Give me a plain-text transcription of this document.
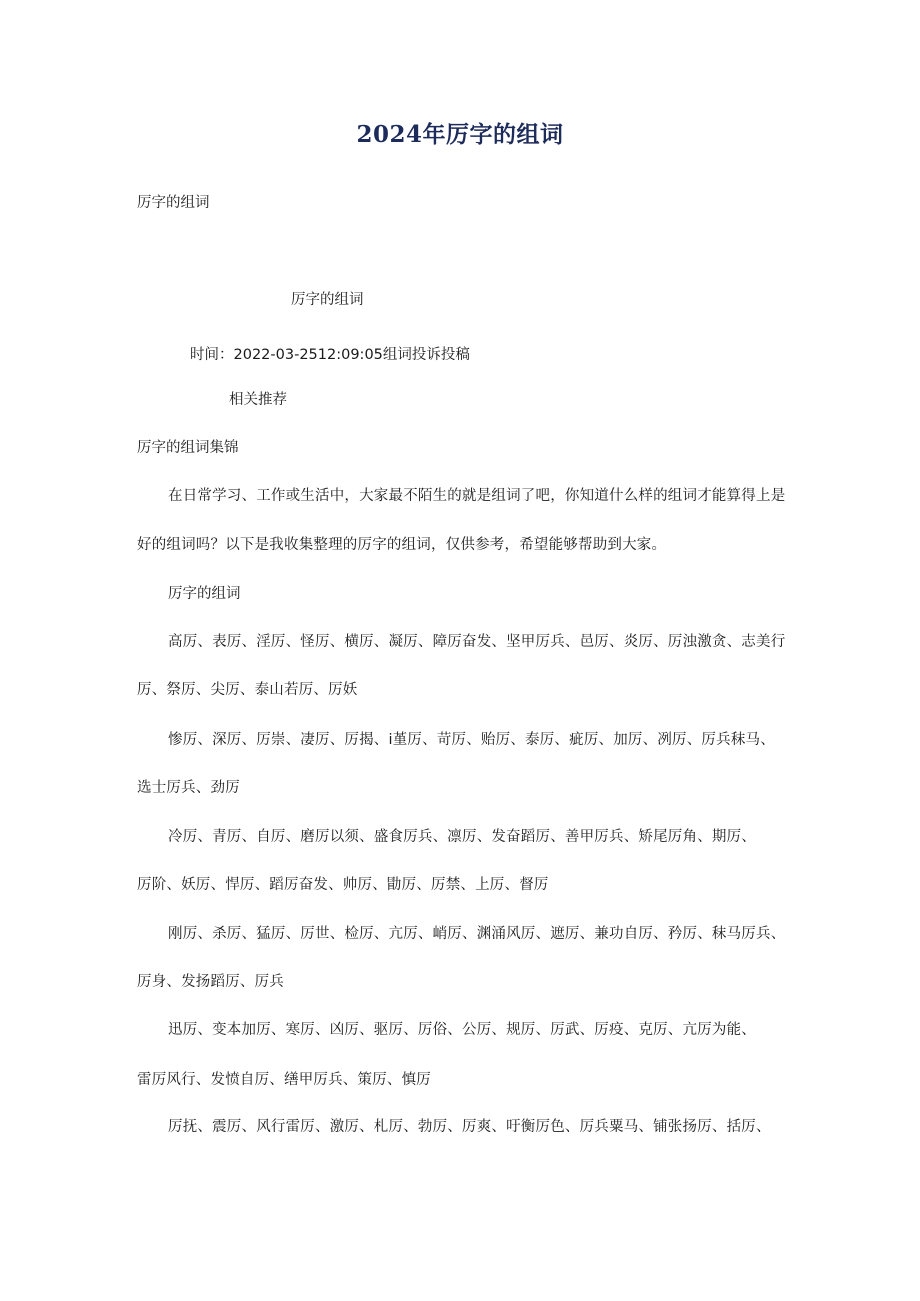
2024年厉字的组词
厉字的组词
厉字的组词
时间：2022-03-2512:09:05组词投诉投稿
相关推荐
厉字的组词集锦
在日常学习、工作或生活中，大家最不陌生的就是组词了吧，你知道什么样的组词才能算得上是
好的组词吗？以下是我收集整理的厉字的组词，仅供参考，希望能够帮助到大家。
厉字的组词
高厉、表厉、淫厉、怪厉、横厉、凝厉、障厉奋发、坚甲厉兵、邑厉、炎厉、厉浊激贪、志美行
厉、祭厉、尖厉、泰山若厉、厉妖
惨厉、深厉、厉崇、凄厉、厉揭、i堇厉、苛厉、贻厉、泰厉、疵厉、加厉、冽厉、厉兵秣马、
选士厉兵、劲厉
冷厉、青厉、自厉、磨厉以须、盛食厉兵、凛厉、发奋蹈厉、善甲厉兵、矫尾厉角、期厉、
厉阶、妖厉、悍厉、蹈厉奋发、帅厉、勖厉、厉禁、上厉、督厉
刚厉、杀厉、猛厉、厉世、检厉、亢厉、峭厉、渊涌风厉、遮厉、兼功自厉、矜厉、秣马厉兵、
厉身、发扬蹈厉、厉兵
迅厉、变本加厉、寒厉、凶厉、驱厉、厉俗、公厉、规厉、厉武、厉疫、克厉、亢厉为能、
雷厉风行、发愤自厉、缮甲厉兵、策厉、慎厉
厉抚、震厉、风行雷厉、激厉、札厉、勃厉、厉爽、吁衡厉色、厉兵粟马、铺张扬厉、括厉、
